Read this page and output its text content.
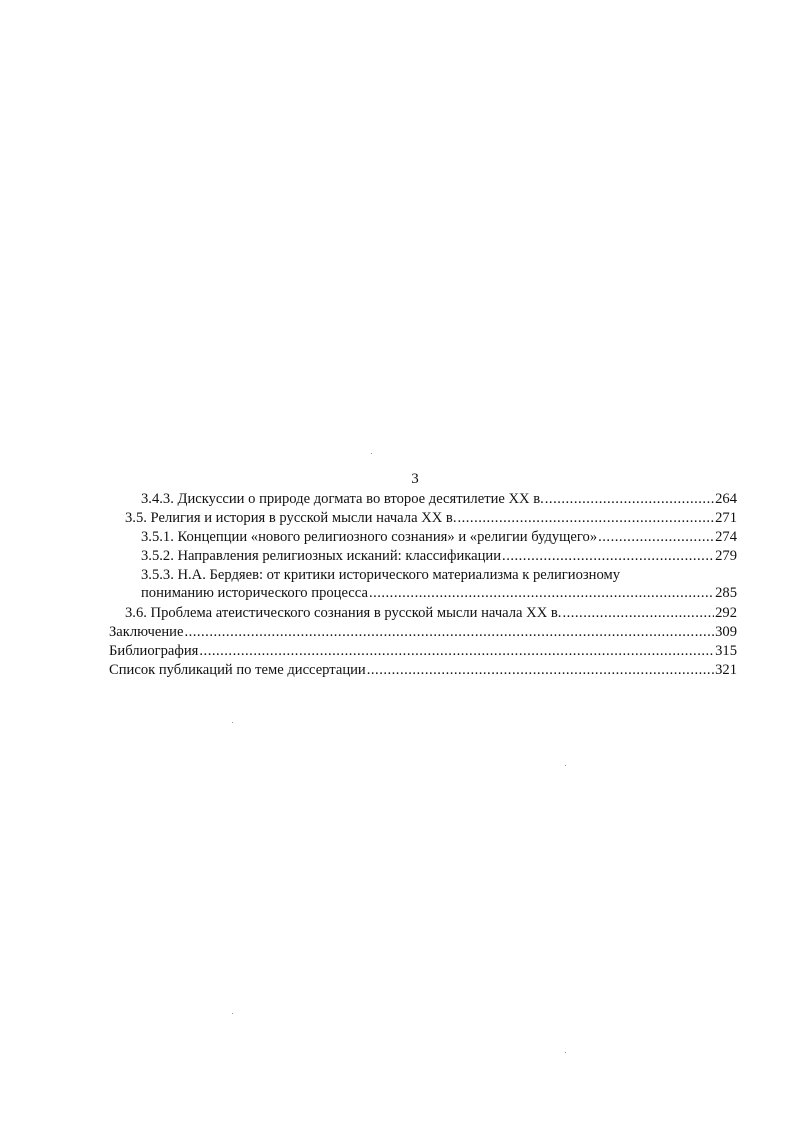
3
3.4.3. Дискуссии о природе догмата во второе десятилетие XX в. .....	264
3.5. Религия и история в русской мысли начала XX в. .....	271
3.5.1. Концепции «нового религиозного сознания» и «религии будущего» .....	274
3.5.2. Направления религиозных исканий: классификации .....	279
3.5.3. Н.А. Бердяев: от критики исторического материализма к религиозному
пониманию исторического процесса .....	285
3.6. Проблема атеистического сознания в русской мысли начала XX в. .....	292
Заключение .....	309
Библиография .....	315
Список публикаций по теме диссертации .....	321
